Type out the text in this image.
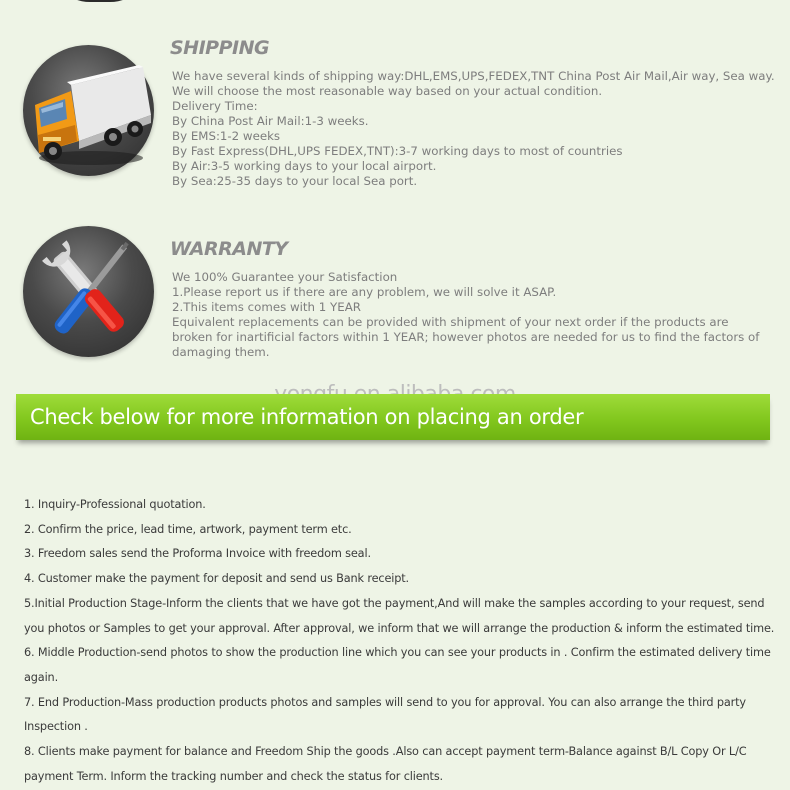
SHIPPING
We have several kinds of shipping way:DHL,EMS,UPS,FEDEX,TNT China Post Air Mail,Air way, Sea way.
We will choose the most reasonable way based on your actual condition.
Delivery Time:
By China Post Air Mail:1-3 weeks.
By EMS:1-2 weeks
By Fast Express(DHL,UPS FEDEX,TNT):3-7 working days to most of countries
By Air:3-5 working days to your local airport.
By Sea:25-35 days to your local Sea port.
WARRANTY
We 100% Guarantee your Satisfaction
1.Please report us if there are any problem, we will solve it ASAP.
2.This items comes with 1 YEAR
Equivalent replacements can be provided with shipment of your next order if the products are broken for inartificial factors within 1 YEAR; however photos are needed for us to find the factors of damaging them.

Check below for more information on placing an order

1. Inquiry-Professional quotation.
2. Confirm the price, lead time, artwork, payment term etc.
3. Freedom sales send the Proforma Invoice with freedom seal.
4. Customer make the payment for deposit and send us Bank receipt.
5.Initial Production Stage-Inform the clients that we have got the payment,And will make the samples according to your request, send you photos or Samples to get your approval. After approval, we inform that we will arrange the production & inform the estimated time.
6. Middle Production-send photos to show the production line which you can see your products in . Confirm the estimated delivery time again.
7. End Production-Mass production products photos and samples will send to you for approval. You can also arrange the third party Inspection .
8. Clients make payment for balance and Freedom Ship the goods .Also can accept payment term-Balance against B/L Copy Or L/C payment Term. Inform the tracking number and check the status for clients.
